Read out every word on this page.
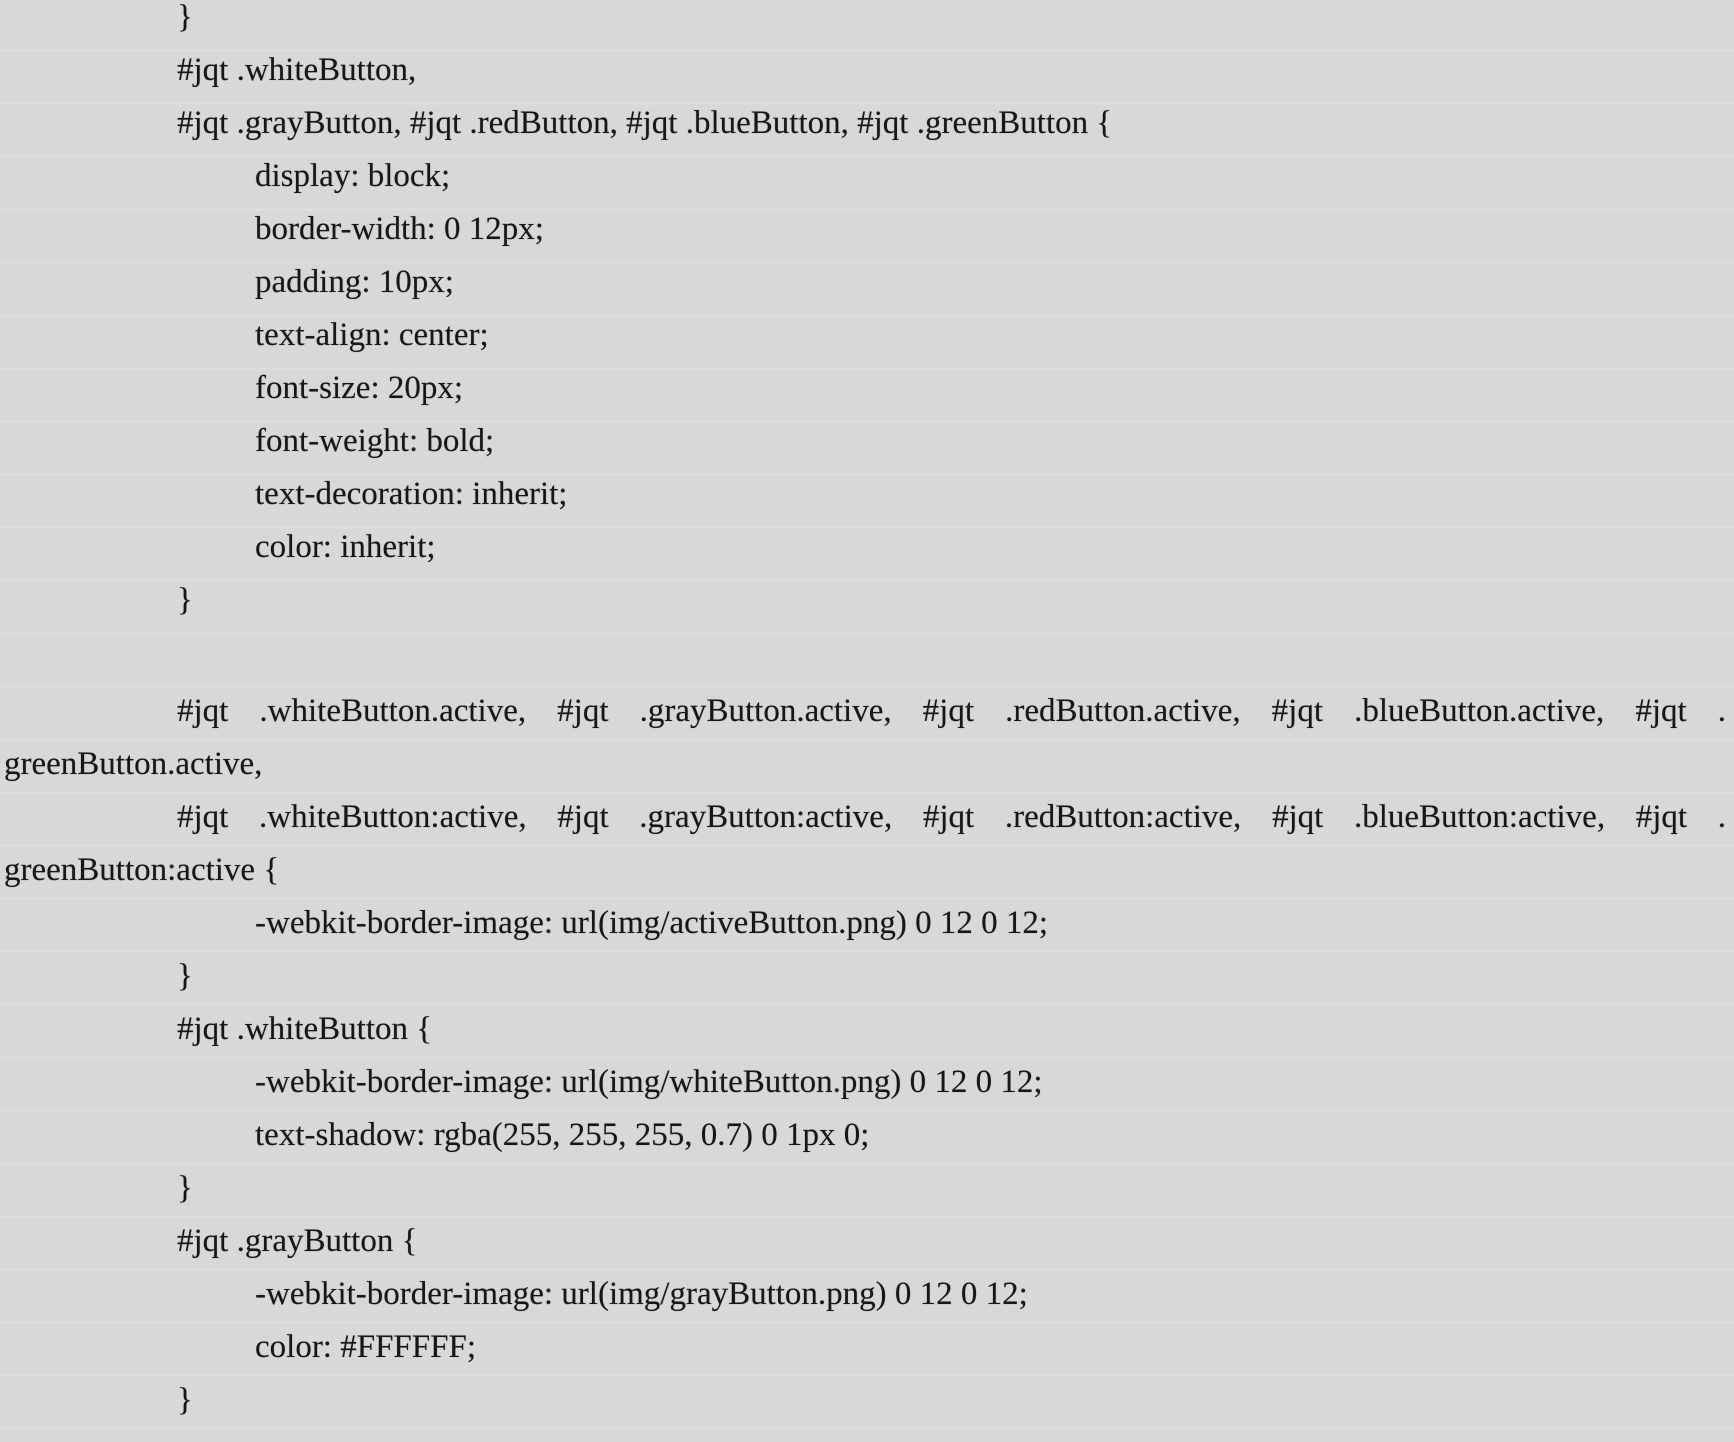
}
#jqt .whiteButton,
#jqt .grayButton, #jqt .redButton, #jqt .blueButton, #jqt .greenButton {
display: block;
border-width: 0 12px;
padding: 10px;
text-align: center;
font-size: 20px;
font-weight: bold;
text-decoration: inherit;
color: inherit;
}
#jqt .whiteButton.active, #jqt .grayButton.active, #jqt .redButton.active, #jqt .blueButton.active, #jqt .
greenButton.active,
#jqt .whiteButton:active, #jqt .grayButton:active, #jqt .redButton:active, #jqt .blueButton:active, #jqt .
greenButton:active {
-webkit-border-image: url(img/activeButton.png) 0 12 0 12;
}
#jqt .whiteButton {
-webkit-border-image: url(img/whiteButton.png) 0 12 0 12;
text-shadow: rgba(255, 255, 255, 0.7) 0 1px 0;
}
#jqt .grayButton {
-webkit-border-image: url(img/grayButton.png) 0 12 0 12;
color: #FFFFFF;
}
